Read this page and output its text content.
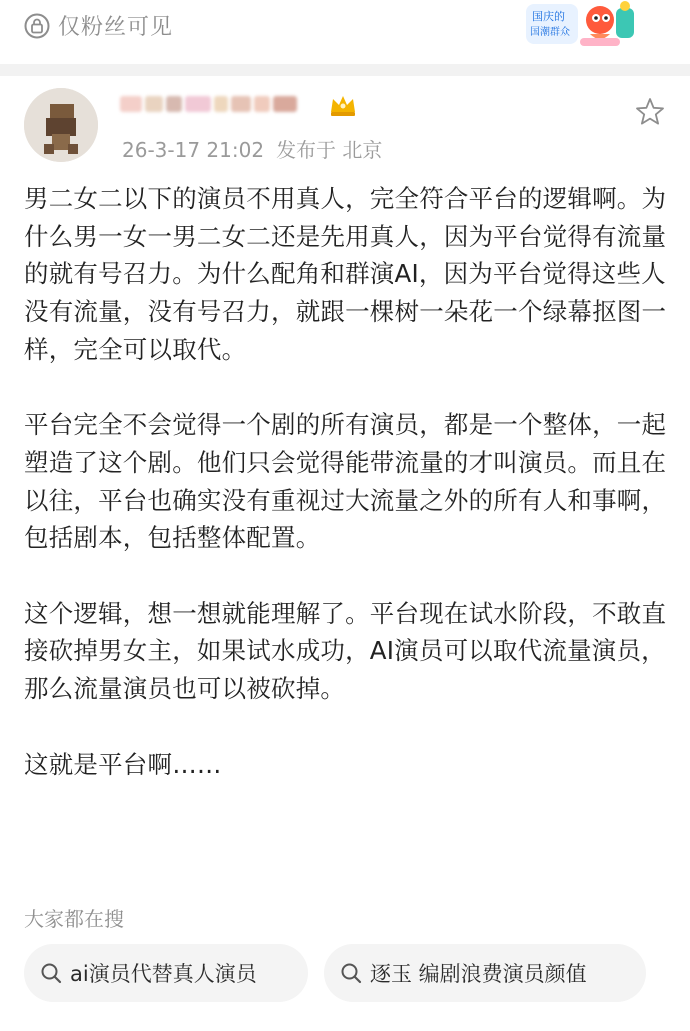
仅粉丝可见	国庆的
国潮群众
26-3-17 21:02 发布于 北京

男二女二以下的演员不用真人，完全符合平台的逻辑啊。为什么男一女一男二女二还是先用真人，因为平台觉得有流量的就有号召力。为什么配角和群演AI，因为平台觉得这些人没有流量，没有号召力，就跟一棵树一朵花一个绿幕抠图一样，完全可以取代。

平台完全不会觉得一个剧的所有演员，都是一个整体，一起塑造了这个剧。他们只会觉得能带流量的才叫演员。而且在以往，平台也确实没有重视过大流量之外的所有人和事啊，包括剧本，包括整体配置。

这个逻辑，想一想就能理解了。平台现在试水阶段，不敢直接砍掉男女主，如果试水成功，AI演员可以取代流量演员，那么流量演员也可以被砍掉。

这就是平台啊……

大家都在搜
ai演员代替真人演员	逐玉 编剧浪费演员颜值
